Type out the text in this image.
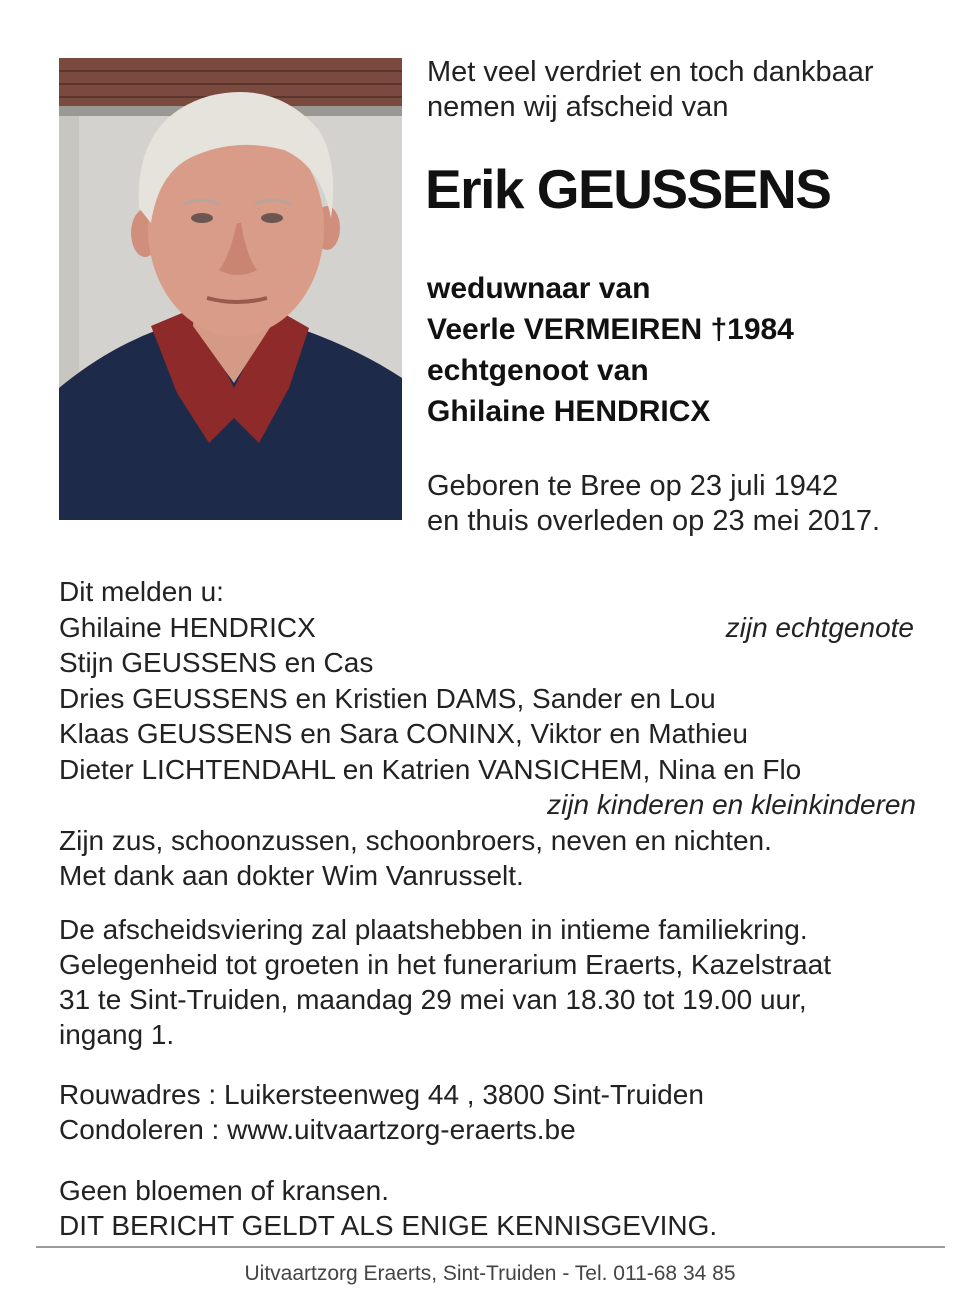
Met veel verdriet en toch dankbaar
nemen wij afscheid van
Erik GEUSSENS
weduwnaar van
Veerle VERMEIREN †1984
echtgenoot van
Ghilaine HENDRICX
Geboren te Bree op 23 juli 1942
en thuis overleden op 23 mei 2017.
Dit melden u:
Ghilaine HENDRICX	zijn echtgenote
Stijn GEUSSENS en Cas
Dries GEUSSENS en Kristien DAMS, Sander en Lou
Klaas GEUSSENS en Sara CONINX, Viktor en Mathieu
Dieter LICHTENDAHL en Katrien VANSICHEM, Nina en Flo
zijn kinderen en kleinkinderen
Zijn zus, schoonzussen, schoonbroers, neven en nichten.
Met dank aan dokter Wim Vanrusselt.
De afscheidsviering zal plaatshebben in intieme familiekring.
Gelegenheid tot groeten in het funerarium Eraerts, Kazelstraat
31 te Sint-Truiden, maandag 29 mei van 18.30 tot 19.00 uur,
ingang 1.
Rouwadres : Luikersteenweg 44 , 3800 Sint-Truiden
Condoleren : www.uitvaartzorg-eraerts.be
Geen bloemen of kransen.
DIT BERICHT GELDT ALS ENIGE KENNISGEVING.
Uitvaartzorg Eraerts, Sint-Truiden - Tel. 011-68 34 85
